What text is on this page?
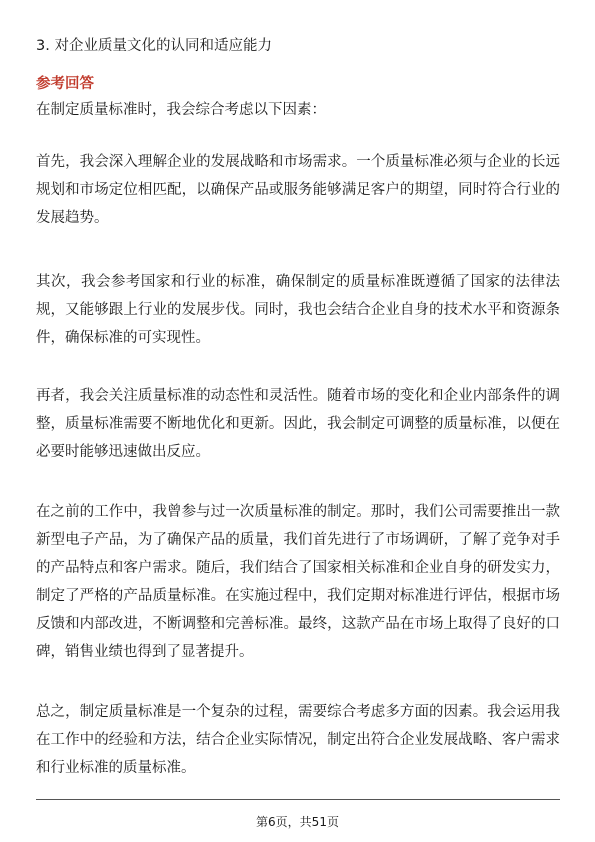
3. 对企业质量文化的认同和适应能力
参考回答

在制定质量标准时，我会综合考虑以下因素：

首先，我会深入理解企业的发展战略和市场需求。一个质量标准必须与企业的长远规划和市场定位相匹配，以确保产品或服务能够满足客户的期望，同时符合行业的发展趋势。

其次，我会参考国家和行业的标准，确保制定的质量标准既遵循了国家的法律法规，又能够跟上行业的发展步伐。同时，我也会结合企业自身的技术水平和资源条件，确保标准的可实现性。

再者，我会关注质量标准的动态性和灵活性。随着市场的变化和企业内部条件的调整，质量标准需要不断地优化和更新。因此，我会制定可调整的质量标准，以便在必要时能够迅速做出反应。

在之前的工作中，我曾参与过一次质量标准的制定。那时，我们公司需要推出一款新型电子产品，为了确保产品的质量，我们首先进行了市场调研，了解了竞争对手的产品特点和客户需求。随后，我们结合了国家相关标准和企业自身的研发实力，制定了严格的产品质量标准。在实施过程中，我们定期对标准进行评估，根据市场反馈和内部改进，不断调整和完善标准。最终，这款产品在市场上取得了良好的口碑，销售业绩也得到了显著提升。

总之，制定质量标准是一个复杂的过程，需要综合考虑多方面的因素。我会运用我在工作中的经验和方法，结合企业实际情况，制定出符合企业发展战略、客户需求和行业标准的质量标准。

第6页，共51页
